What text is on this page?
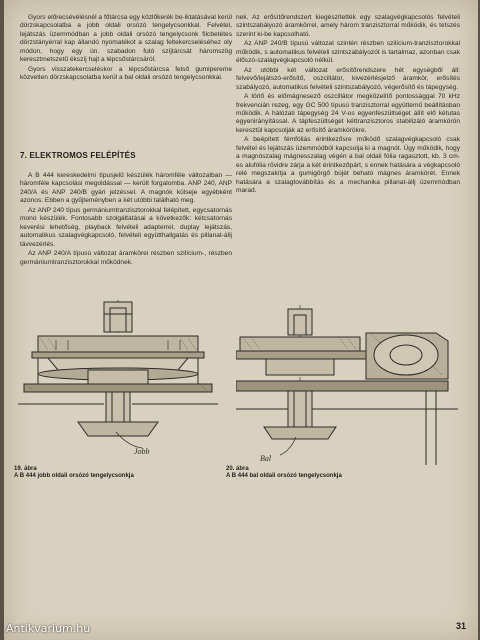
Gyors előrecsévélésnél a főtárcsa egy közlőkerék be-iktatásával kerül dörzskapcsolatba a jobb oldali orsózó tengelycsonkkal. Felvétel, lejátszás üzemmódban a jobb oldali orsózó tengelycsonk filcbetétes dörzstányérral kap állandó nyomatékot a szalag feltekercseléséhez oly módon, hogy egy ún. szabadon futó szíjtárcsát háromszög keresztmetszetű ékszíj hajt a lépcsőstárcsáról.

Gyors visszatekercseléskor a lépcsőstárcsa felső gumipereme közvetlen dörzskapcsolatba kerül a bal oldali orsózó tengelycsonkkal.

7. ELEKTROMOS FELÉPÍTÉS

A B 444 kereskedelmi típusjelű készülék háromféle változatban — háromféle kapcsolási megoldással — került forgalomba. ANP 240, ANP 240/A és ANP 240/B gyári jelzéssel. A magnók külseje egyébként azonos. Ebben a gyűjteményben a két utóbbi található meg.

Az ANP 240 típus germániumtranzisztorokkal felépített, egycsatornás mono készülék. Fontosabb szolgáltatásai a következők: kétcsatornás keverési lehetőség, playback felvételi adapterrel, duplay lejátszás, automatikus szalagvégkapcsoló, felvételi együtthallgatás és pillanat-állj távvezérlés.

Az ANP 240/A típusú változat áramkörei részben szilícium-, részben germániumtranzisztorokkal működnek.

nek. Az erősítőrendszert kiegészítették egy szalagvégkapcsolós felvételi szintszabályozó áramkörrel, amely három tranzisztorral működik, és tetszés szerint ki-be kapcsolható.

Az ANP 240/B típusú változat szintén részben szilícium-tranzisztorokkal működik, s automatikus felvételi szintszabályozót is tartalmaz, azonban csak élőszó-szalagvégkapcsoló nélkül.

Az utóbbi két változat erősítőrendszere hét egységből áll: felvevő/lejátszó-erősítő, oszcillátor, kivezérlésjelző áramkör, erősítés szabályozó, automatikus felvételi szintszabályozó, végerősítő és tápegység.

A törlő és előmágnesező oszcillátor megközelítő pontossággal 70 kHz frekvencián rezeg, egy GC 500 típusú tranzisztorral együttemű beállításban működik. A hálózati tápegység 24 V-os egyenfeszültséget állít elő kétutas egyenirányítással. A tápfeszültséget kéttranzisztoros stabilizáló áramkörön keresztül kapcsolják az erősítő áramkörökre.

A beépített fémfóliás érintkezősre működő szalagvégkapcsoló csak felvétel és lejátszás üzemmódból kapcsolja ki a magnót. Úgy működik, hogy a magnószalag mágnesszalag végén a bal oldali fólia ragasztott, kb. 3 cm-es alufólia rövidre zárja a két érintkezőpárt, s ennek hatására a végkapcsoló relé megszakítja a gumigörgő bújét beható mágnes áramkörét. Ennek hatására a szalagtovábbítás és a mechanika pillanat-állj üzemmódban marad.

Jobb
Bal
19. ábra
A B 444 jobb oldali orsózó tengelycsonkja
20. ábra
A B 444 bal oldali orsózó tengelycsonkja
31
Antikvarium.hu
